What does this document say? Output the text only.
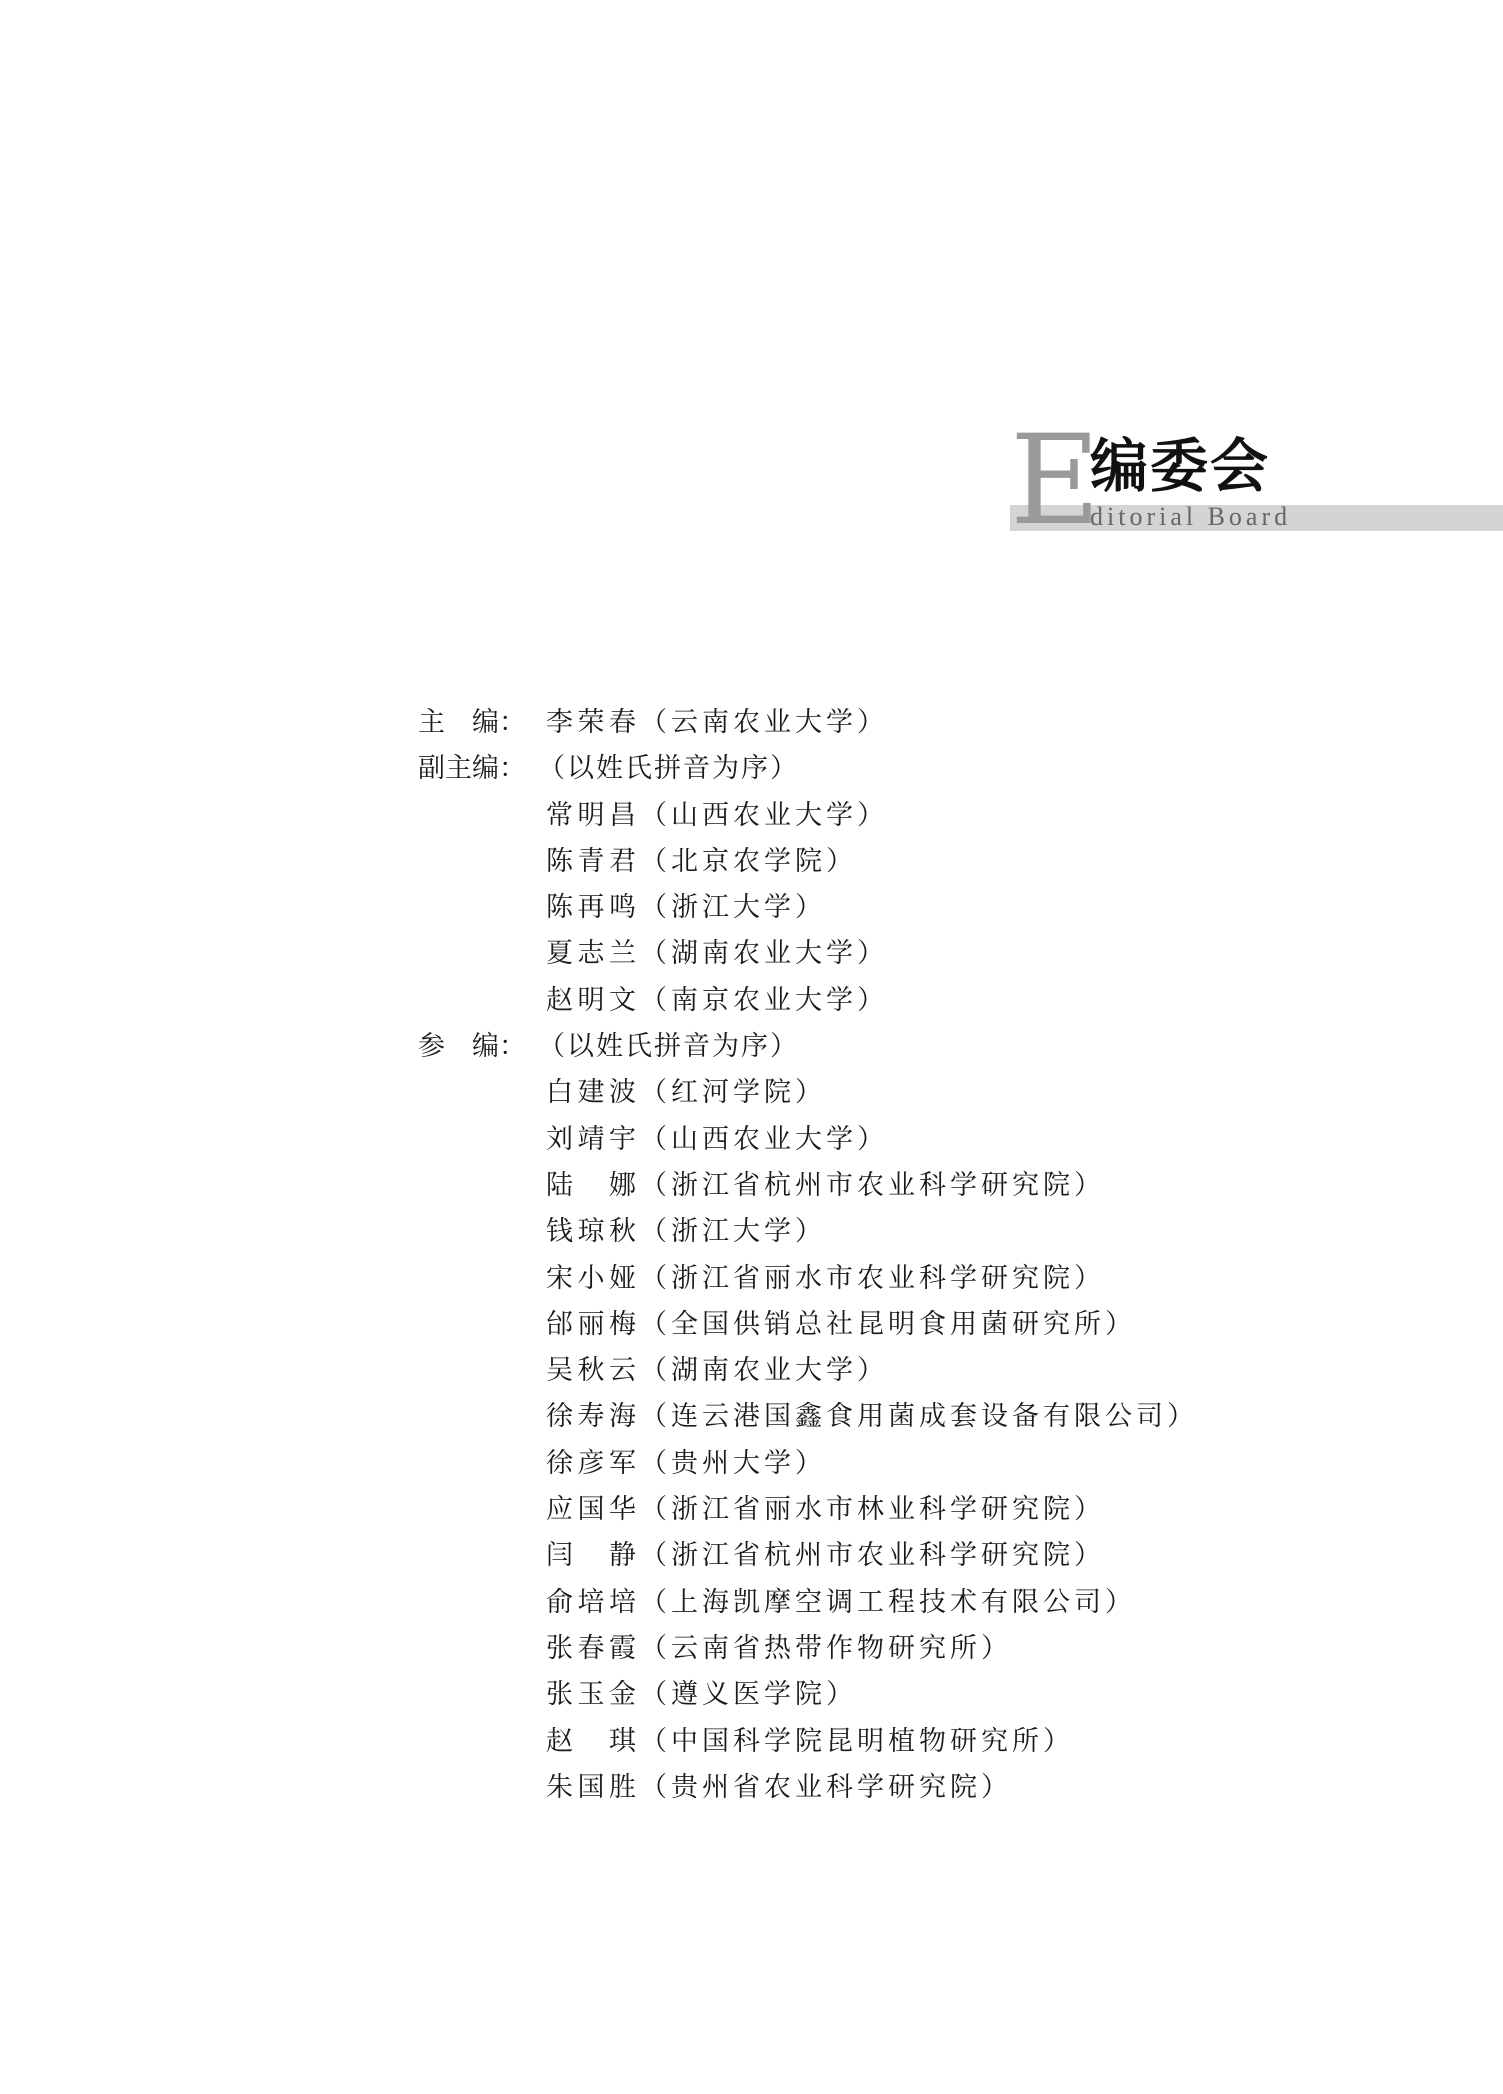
E
编委会
ditorial Board
主　编： 李荣春（云南农业大学）
副主编： （以姓氏拼音为序）
常明昌（山西农业大学）
陈青君（北京农学院）
陈再鸣（浙江大学）
夏志兰（湖南农业大学）
赵明文（南京农业大学）
参　编： （以姓氏拼音为序）
白建波（红河学院）
刘靖宇（山西农业大学）
陆　娜（浙江省杭州市农业科学研究院）
钱琼秋（浙江大学）
宋小娅（浙江省丽水市农业科学研究院）
邰丽梅（全国供销总社昆明食用菌研究所）
吴秋云（湖南农业大学）
徐寿海（连云港国鑫食用菌成套设备有限公司）
徐彦军（贵州大学）
应国华（浙江省丽水市林业科学研究院）
闫　静（浙江省杭州市农业科学研究院）
俞培培（上海凯摩空调工程技术有限公司）
张春霞（云南省热带作物研究所）
张玉金（遵义医学院）
赵　琪（中国科学院昆明植物研究所）
朱国胜（贵州省农业科学研究院）
